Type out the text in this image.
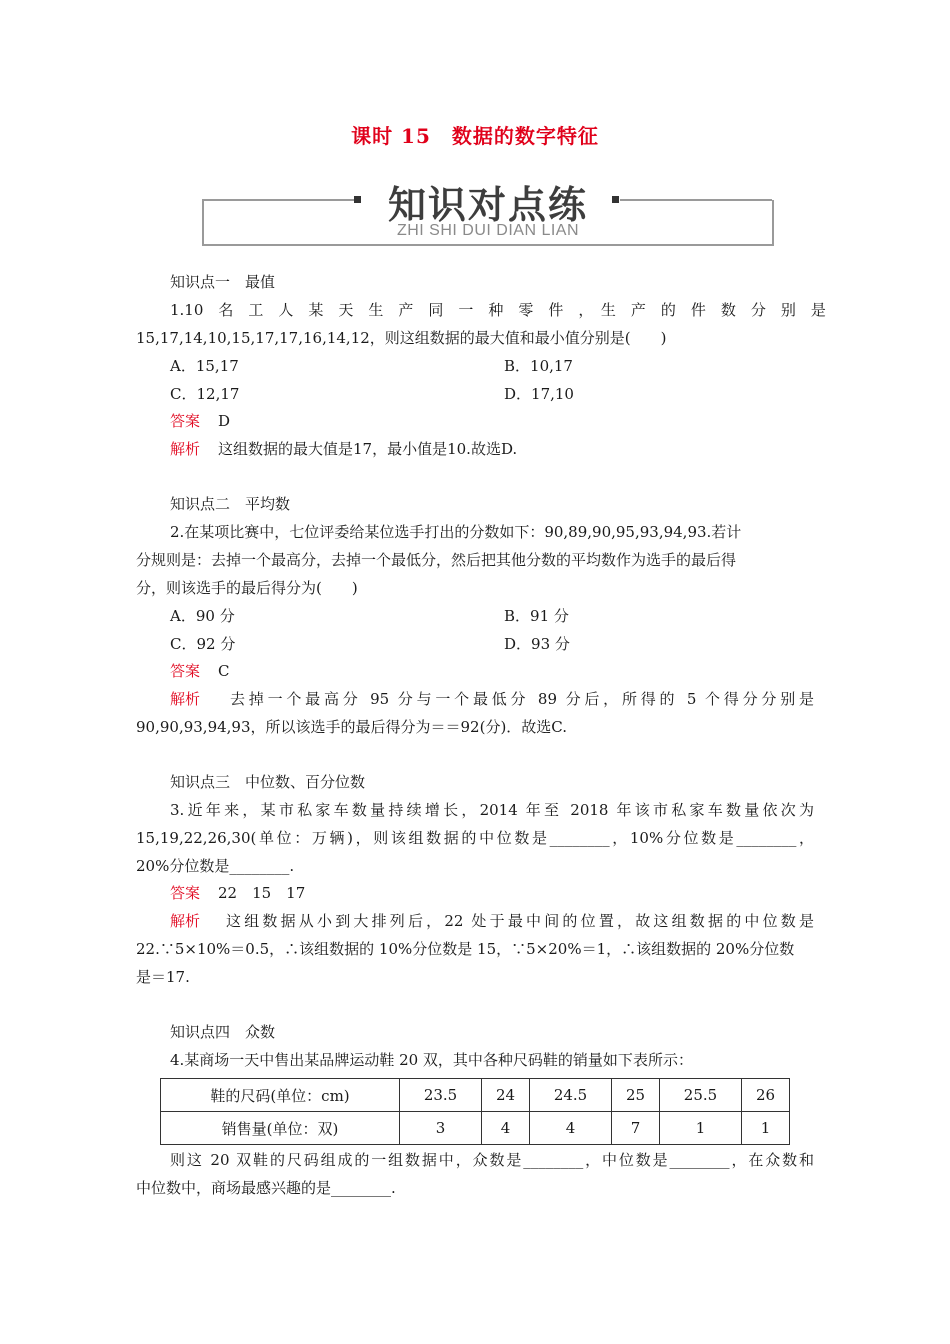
课时 15　数据的数字特征
知识对点练
ZHI SHI DUI DIAN LIAN
知识点一　最值
1.10　名　工　人　某　天　生　产　同　一　种　零　件　，　生　产　的　件　数　分　别　是
15,17,14,10,15,17,17,16,14,12，则这组数据的最大值和最小值分别是(　　)
A．15,17	B．10,17
C．12,17	D．17,10
答案 D
解析 这组数据的最大值是17，最小值是10.故选D.
知识点二　平均数
2.在某项比赛中，七位评委给某位选手打出的分数如下：90,89,90,95,93,94,93.若计
分规则是：去掉一个最高分，去掉一个最低分，然后把其他分数的平均数作为选手的最后得
分，则该选手的最后得分为(　　)
A．90 分	B．91 分
C．92 分	D．93 分
答案 C
解析 去掉一个最高分 95 分与一个最低分 89 分后，所得的 5 个得分分别是
90,90,93,94,93，所以该选手的最后得分为＝＝92(分)．故选C.
知识点三　中位数、百分位数
3.近年来，某市私家车数量持续增长，2014 年至 2018 年该市私家车数量依次为
15,19,22,26,30(单位：万辆)，则该组数据的中位数是________，10%分位数是________，
20%分位数是________.
答案 22　15　17
解析 这组数据从小到大排列后，22 处于最中间的位置，故这组数据的中位数是
22.∵5×10%＝0.5，∴该组数据的 10%分位数是 15，∵5×20%＝1，∴该组数据的 20%分位数
是＝17.
知识点四　众数
4.某商场一天中售出某品牌运动鞋 20 双，其中各种尺码鞋的销量如下表所示：
鞋的尺码(单位：cm)	23.5	24	24.5	25	25.5	26
销售量(单位：双)	3	4	4	7	1	1
则这 20 双鞋的尺码组成的一组数据中，众数是________，中位数是________，在众数和
中位数中，商场最感兴趣的是________.
